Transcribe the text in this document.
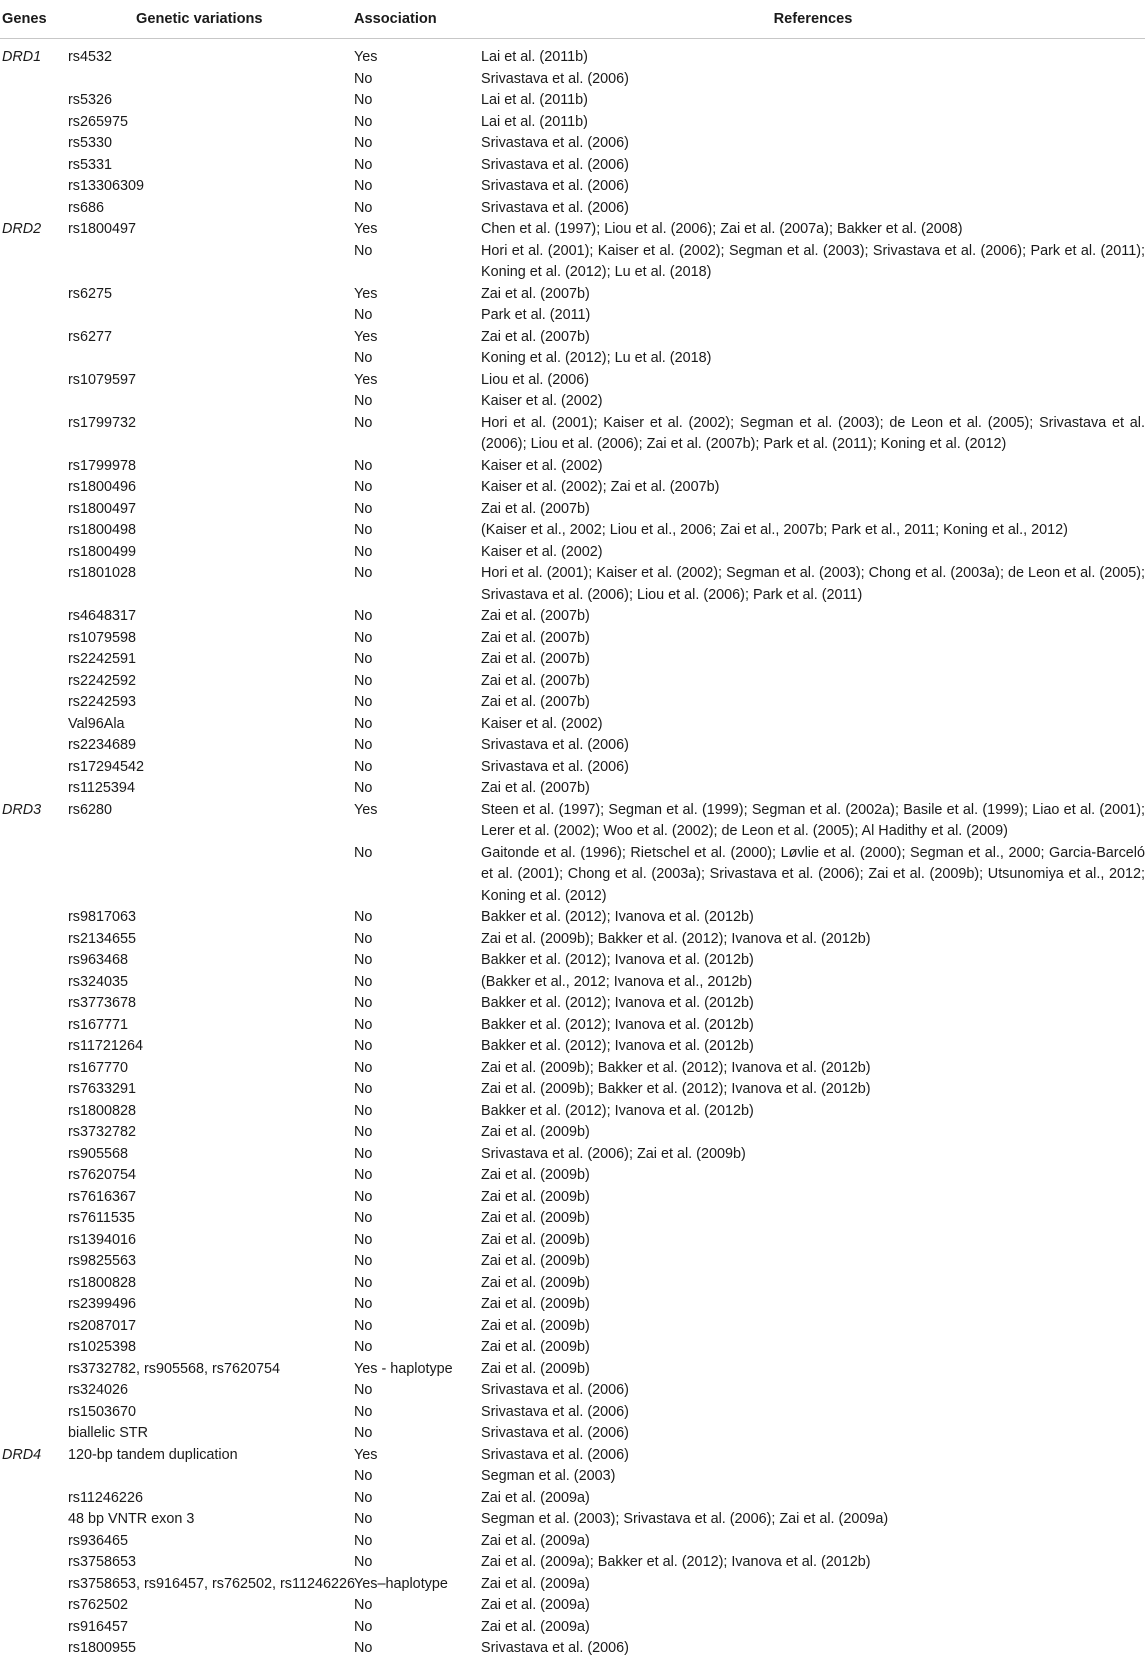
Genes	Genetic variations	Association	References
DRD1	rs4532	Yes	Lai et al. (2011b)
		No	Srivastava et al. (2006)
	rs5326	No	Lai et al. (2011b)
	rs265975	No	Lai et al. (2011b)
	rs5330	No	Srivastava et al. (2006)
	rs5331	No	Srivastava et al. (2006)
	rs13306309	No	Srivastava et al. (2006)
	rs686	No	Srivastava et al. (2006)
DRD2	rs1800497	Yes	Chen et al. (1997); Liou et al. (2006); Zai et al. (2007a); Bakker et al. (2008)
		No	Hori et al. (2001); Kaiser et al. (2002); Segman et al. (2003); Srivastava et al. (2006); Park et al. (2011); Koning et al. (2012); Lu et al. (2018)
	rs6275	Yes	Zai et al. (2007b)
		No	Park et al. (2011)
	rs6277	Yes	Zai et al. (2007b)
		No	Koning et al. (2012); Lu et al. (2018)
	rs1079597	Yes	Liou et al. (2006)
		No	Kaiser et al. (2002)
	rs1799732	No	Hori et al. (2001); Kaiser et al. (2002); Segman et al. (2003); de Leon et al. (2005); Srivastava et al. (2006); Liou et al. (2006); Zai et al. (2007b); Park et al. (2011); Koning et al. (2012)
	rs1799978	No	Kaiser et al. (2002)
	rs1800496	No	Kaiser et al. (2002); Zai et al. (2007b)
	rs1800497	No	Zai et al. (2007b)
	rs1800498	No	(Kaiser et al., 2002; Liou et al., 2006; Zai et al., 2007b; Park et al., 2011; Koning et al., 2012)
	rs1800499	No	Kaiser et al. (2002)
	rs1801028	No	Hori et al. (2001); Kaiser et al. (2002); Segman et al. (2003); Chong et al. (2003a); de Leon et al. (2005); Srivastava et al. (2006); Liou et al. (2006); Park et al. (2011)
	rs4648317	No	Zai et al. (2007b)
	rs1079598	No	Zai et al. (2007b)
	rs2242591	No	Zai et al. (2007b)
	rs2242592	No	Zai et al. (2007b)
	rs2242593	No	Zai et al. (2007b)
	Val96Ala	No	Kaiser et al. (2002)
	rs2234689	No	Srivastava et al. (2006)
	rs17294542	No	Srivastava et al. (2006)
	rs1125394	No	Zai et al. (2007b)
DRD3	rs6280	Yes	Steen et al. (1997); Segman et al. (1999); Segman et al. (2002a); Basile et al. (1999); Liao et al. (2001); Lerer et al. (2002); Woo et al. (2002); de Leon et al. (2005); Al Hadithy et al. (2009)
		No	Gaitonde et al. (1996); Rietschel et al. (2000); Løvlie et al. (2000); Segman et al., 2000; Garcia-Barceló et al. (2001); Chong et al. (2003a); Srivastava et al. (2006); Zai et al. (2009b); Utsunomiya et al., 2012; Koning et al. (2012)
	rs9817063	No	Bakker et al. (2012); Ivanova et al. (2012b)
	rs2134655	No	Zai et al. (2009b); Bakker et al. (2012); Ivanova et al. (2012b)
	rs963468	No	Bakker et al. (2012); Ivanova et al. (2012b)
	rs324035	No	(Bakker et al., 2012; Ivanova et al., 2012b)
	rs3773678	No	Bakker et al. (2012); Ivanova et al. (2012b)
	rs167771	No	Bakker et al. (2012); Ivanova et al. (2012b)
	rs11721264	No	Bakker et al. (2012); Ivanova et al. (2012b)
	rs167770	No	Zai et al. (2009b); Bakker et al. (2012); Ivanova et al. (2012b)
	rs7633291	No	Zai et al. (2009b); Bakker et al. (2012); Ivanova et al. (2012b)
	rs1800828	No	Bakker et al. (2012); Ivanova et al. (2012b)
	rs3732782	No	Zai et al. (2009b)
	rs905568	No	Srivastava et al. (2006); Zai et al. (2009b)
	rs7620754	No	Zai et al. (2009b)
	rs7616367	No	Zai et al. (2009b)
	rs7611535	No	Zai et al. (2009b)
	rs1394016	No	Zai et al. (2009b)
	rs9825563	No	Zai et al. (2009b)
	rs1800828	No	Zai et al. (2009b)
	rs2399496	No	Zai et al. (2009b)
	rs2087017	No	Zai et al. (2009b)
	rs1025398	No	Zai et al. (2009b)
	rs3732782, rs905568, rs7620754	Yes - haplotype	Zai et al. (2009b)
	rs324026	No	Srivastava et al. (2006)
	rs1503670	No	Srivastava et al. (2006)
	biallelic STR	No	Srivastava et al. (2006)
DRD4	120-bp tandem duplication	Yes	Srivastava et al. (2006)
		No	Segman et al. (2003)
	rs11246226	No	Zai et al. (2009a)
	48 bp VNTR exon 3	No	Segman et al. (2003); Srivastava et al. (2006); Zai et al. (2009a)
	rs936465	No	Zai et al. (2009a)
	rs3758653	No	Zai et al. (2009a); Bakker et al. (2012); Ivanova et al. (2012b)
	rs3758653, rs916457, rs762502, rs11246226	Yes–haplotype	Zai et al. (2009a)
	rs762502	No	Zai et al. (2009a)
	rs916457	No	Zai et al. (2009a)
	rs1800955	No	Srivastava et al. (2006)
